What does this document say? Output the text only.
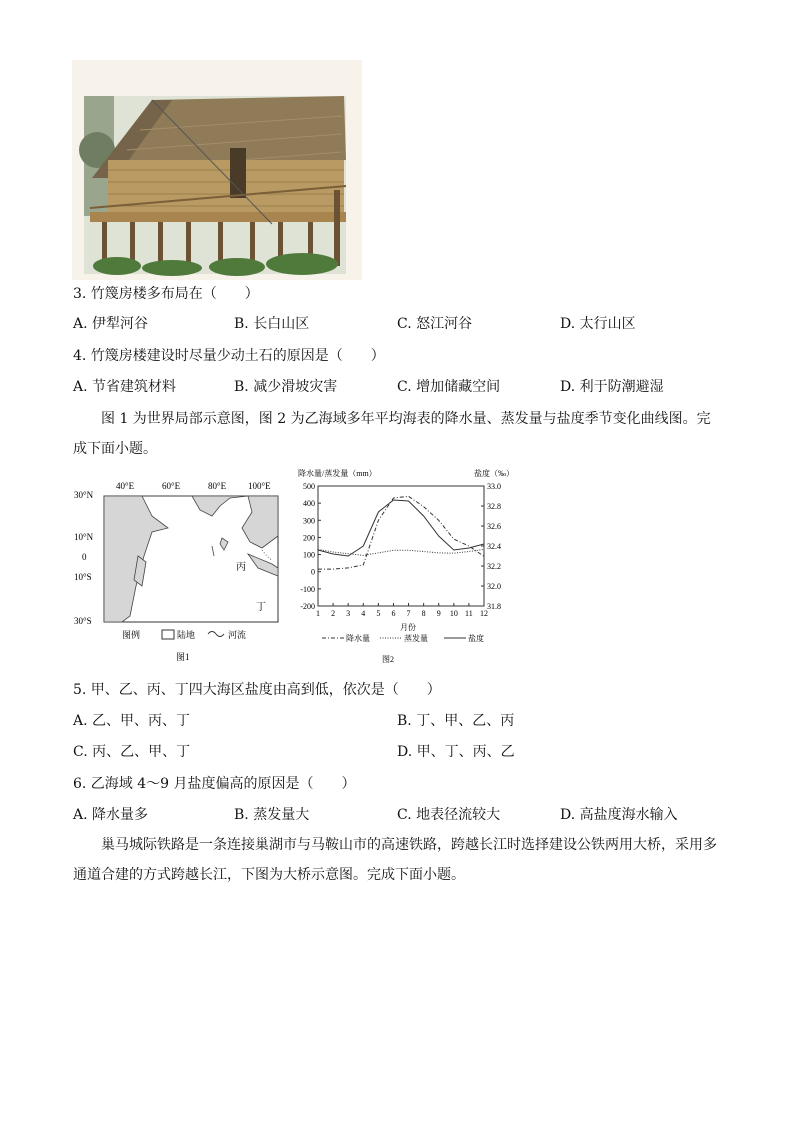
3. 竹篾房楼多布局在（　　）
A. 伊犁河谷	B. 长白山区	C. 怒江河谷	D. 太行山区
4. 竹篾房楼建设时尽量少动土石的原因是（　　）
A. 节省建筑材料	B. 减少滑坡灾害	C. 增加储藏空间	D. 利于防潮避湿
图 1 为世界局部示意图，图 2 为乙海域多年平均海表的降水量、蒸发量与盐度季节变化曲线图。完成下面小题。
40°E	60°E	80°E 100°E
30°N
10°N
0
10°S
30°S
丙
丁
图例	陆地	河流
图1
降水量/蒸发量（mm）	盐度（‰）
500
400
300
200
100
0
-100
-200
33.0
32.8
32.6
32.4
32.2
32.0
31.8
1 2 3 4 5 6 7 8 9 10 11 12
月份
降水量	蒸发量	盐度
图2
5. 甲、乙、丙、丁四大海区盐度由高到低，依次是（　　）
A. 乙、甲、丙、丁	B. 丁、甲、乙、丙
C. 丙、乙、甲、丁	D. 甲、丁、丙、乙
6. 乙海域 4～9 月盐度偏高的原因是（　　）
A. 降水量多	B. 蒸发量大	C. 地表径流较大	D. 高盐度海水输入
巢马城际铁路是一条连接巢湖市与马鞍山市的高速铁路，跨越长江时选择建设公铁两用大桥，采用多通道合建的方式跨越长江，下图为大桥示意图。完成下面小题。
